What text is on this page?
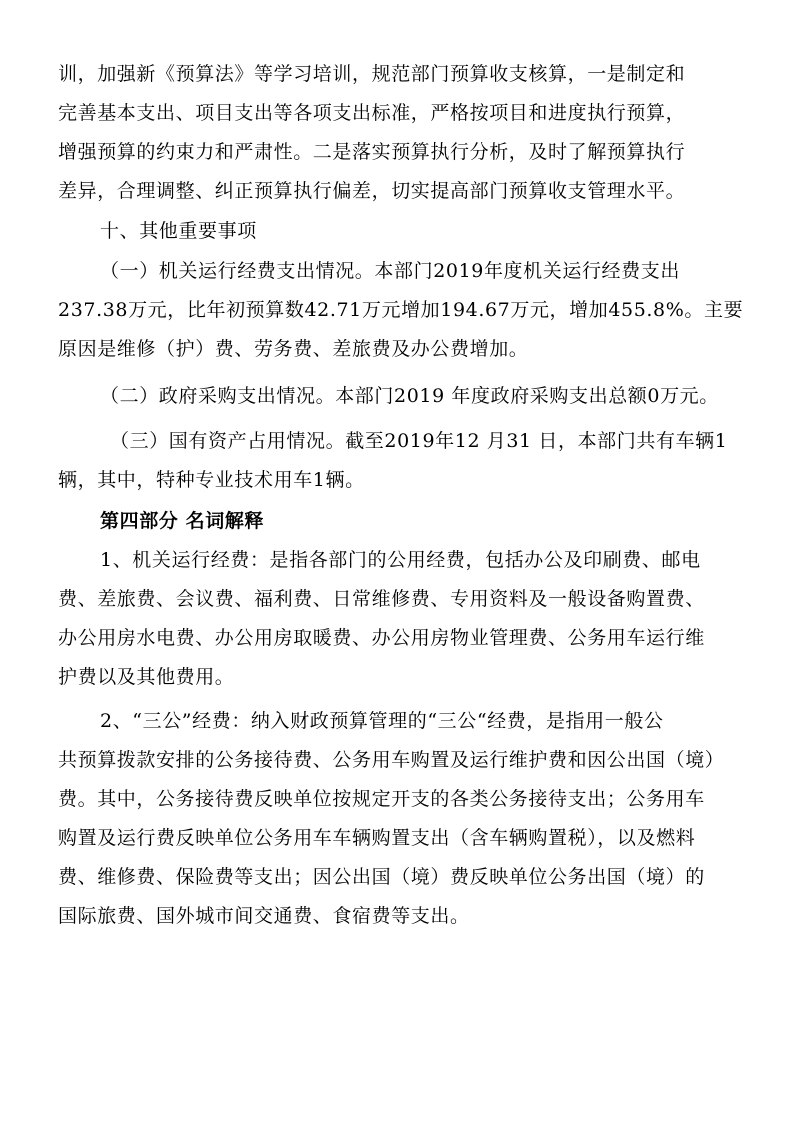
训，加强新《预算法》等学习培训，规范部门预算收支核算，一是制定和
完善基本支出、项目支出等各项支出标准，严格按项目和进度执行预算，
增强预算的约束力和严肃性。二是落实预算执行分析，及时了解预算执行
差异，合理调整、纠正预算执行偏差，切实提高部门预算收支管理水平。
十、其他重要事项
（一）机关运行经费支出情况。本部门2019年度机关运行经费支出
237.38万元，比年初预算数42.71万元增加194.67万元，增加455.8%。主要
原因是维修（护）费、劳务费、差旅费及办公费增加。
（二）政府采购支出情况。本部门2019 年度政府采购支出总额0万元。
（三）国有资产占用情况。截至2019年12 月31 日，本部门共有车辆1
辆，其中，特种专业技术用车1辆。
第四部分 名词解释
1、机关运行经费：是指各部门的公用经费，包括办公及印刷费、邮电
费、差旅费、会议费、福利费、日常维修费、专用资料及一般设备购置费、
办公用房水电费、办公用房取暖费、办公用房物业管理费、公务用车运行维
护费以及其他费用。
2、“三公”经费：纳入财政预算管理的“三公“经费，是指用一般公
共预算拨款安排的公务接待费、公务用车购置及运行维护费和因公出国（境）
费。其中，公务接待费反映单位按规定开支的各类公务接待支出；公务用车
购置及运行费反映单位公务用车车辆购置支出（含车辆购置税），以及燃料
费、维修费、保险费等支出；因公出国（境）费反映单位公务出国（境）的
国际旅费、国外城市间交通费、食宿费等支出。
